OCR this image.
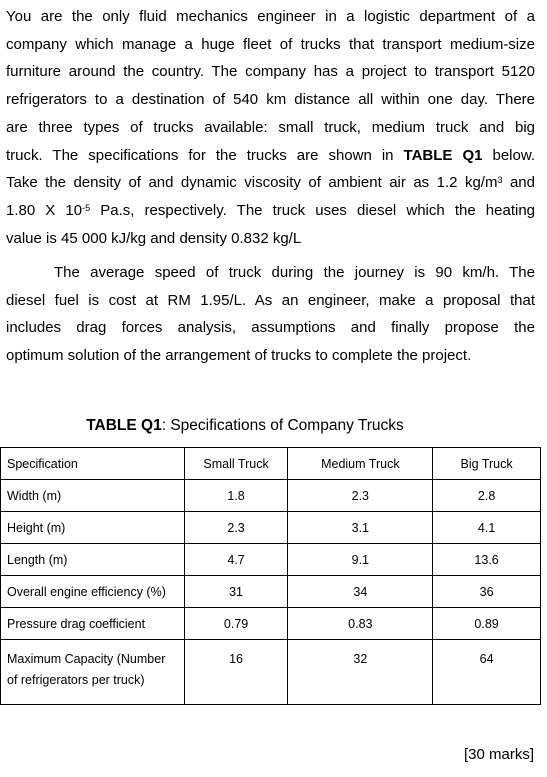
You are the only fluid mechanics engineer in a logistic department of a
company which manage a huge fleet of trucks that transport medium-size
furniture around the country. The company has a project to transport 5120
refrigerators to a destination of 540 km distance all within one day. There
are three types of trucks available: small truck, medium truck and big
truck. The specifications for the trucks are shown in TABLE Q1 below.
Take the density of and dynamic viscosity of ambient air as 1.2 $kg/m^3$ and
1.80 X $10^{-5}$ Pa.s, respectively. The truck uses diesel which the heating
value is 45 000 kJ/kg and density 0.832 kg/L
The average speed of truck during the journey is 90 km/h. The
diesel fuel is cost at RM 1.95/L. As an engineer, make a proposal that
includes drag forces analysis, assumptions and finally propose the
optimum solution of the arrangement of trucks to complete the project.
TABLE Q1: Specifications of Company Trucks
Specification	Small Truck	Medium Truck	Big Truck
Width (m)	1.8	2.3	2.8
Height (m)	2.3	3.1	4.1
Length (m)	4.7	9.1	13.6
Overall engine efficiency (%)	31	34	36
Pressure drag coefficient	0.79	0.83	0.89
Maximum Capacity (Number
of refrigerators per truck)	16	32	64
[30 marks]
